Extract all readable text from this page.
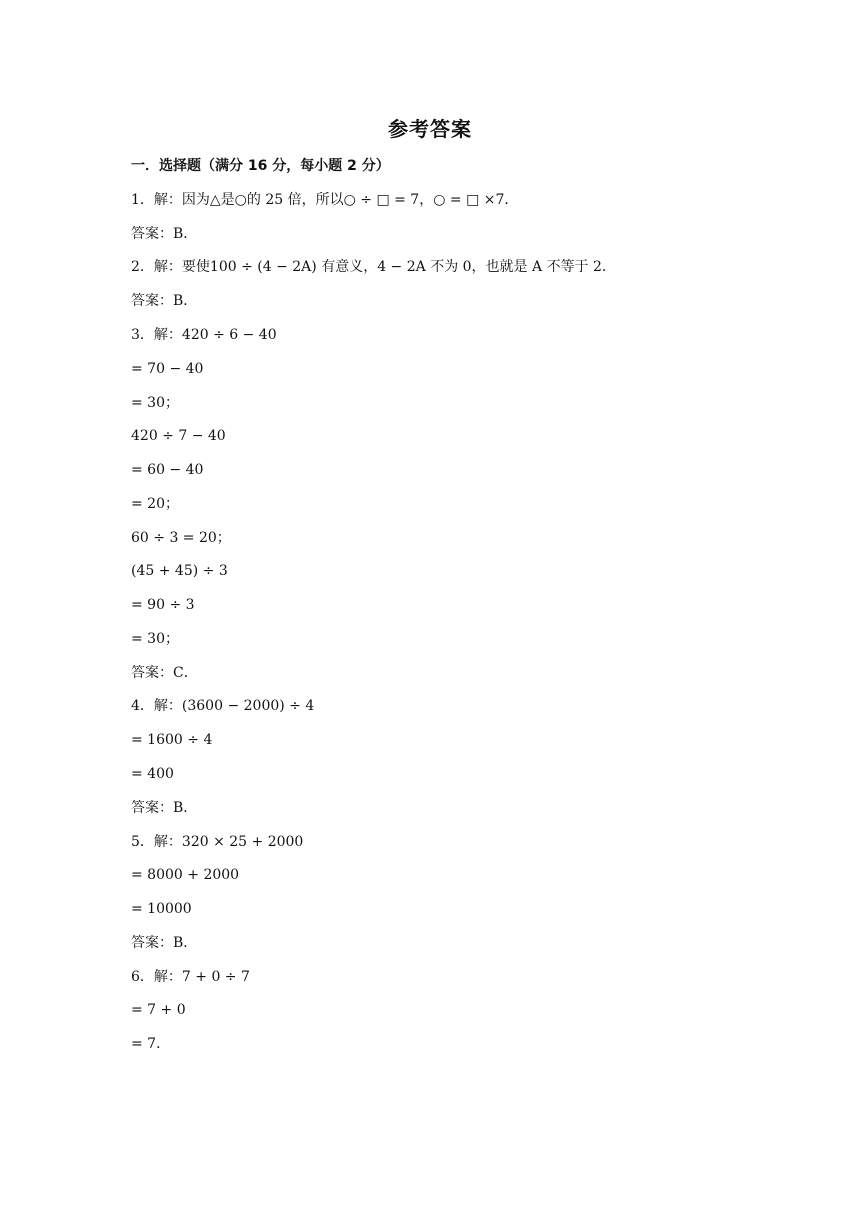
参考答案
一．选择题（满分 16 分，每小题 2 分）
1．解：因为△是○的 25 倍，所以○ ÷ □ = 7，○ = □ ×7．
答案：B．
2．解：要使100 ÷ (4 − 2A) 有意义，4 − 2A 不为 0，也就是 A 不等于 2．
答案：B．
3．解：420 ÷ 6 − 40
= 70 − 40
= 30；
420 ÷ 7 − 40
= 60 − 40
= 20；
60 ÷ 3 = 20；
(45 + 45) ÷ 3
= 90 ÷ 3
= 30；
答案：C．
4．解：(3600 − 2000) ÷ 4
= 1600 ÷ 4
= 400
答案：B．
5．解：320 × 25 + 2000
= 8000 + 2000
= 10000
答案：B．
6．解：7 + 0 ÷ 7
= 7 + 0
= 7．
